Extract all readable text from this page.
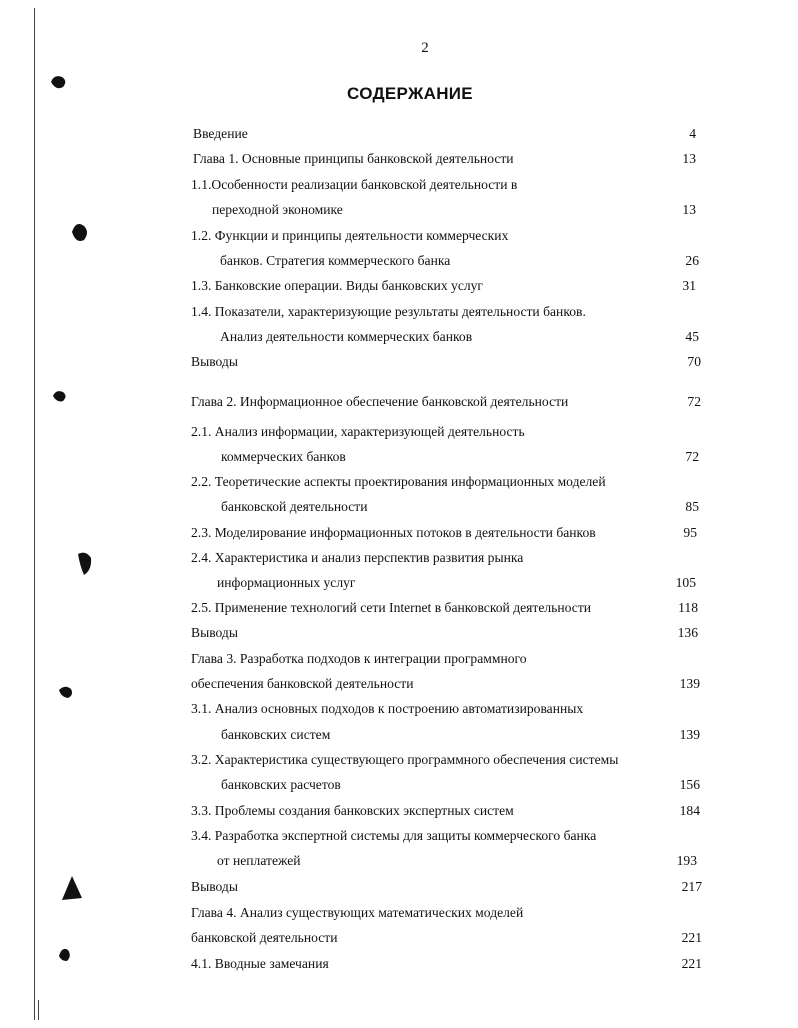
2
СОДЕРЖАНИЕ
Введение	4
Глава 1. Основные принципы банковской деятельности	13
1.1.Особенности реализации банковской деятельности в
переходной экономике	13
1.2. Функции и принципы деятельности коммерческих
банков. Стратегия коммерческого банка	26
1.3. Банковские операции. Виды банковских услуг	31
1.4. Показатели, характеризующие результаты деятельности банков.
Анализ деятельности коммерческих банков	45
Выводы	70
Глава 2. Информационное обеспечение банковской деятельности	72
2.1. Анализ информации, характеризующей деятельность
коммерческих банков	72
2.2. Теоретические аспекты проектирования информационных моделей
банковской деятельности	85
2.3. Моделирование информационных потоков в деятельности банков	95
2.4. Характеристика и анализ перспектив развития рынка
информационных услуг	105
2.5. Применение технологий сети Internet в банковской деятельности	118
Выводы	136
Глава 3. Разработка подходов к интеграции программного
обеспечения банковской деятельности	139
3.1. Анализ основных подходов к построению автоматизированных
банковских систем	139
3.2. Характеристика существующего программного обеспечения системы
банковских расчетов	156
3.3. Проблемы создания банковских экспертных систем	184
3.4. Разработка экспертной системы для защиты коммерческого банка
от неплатежей	193
Выводы	217
Глава 4. Анализ существующих математических моделей
банковской деятельности	221
4.1. Вводные замечания	221
